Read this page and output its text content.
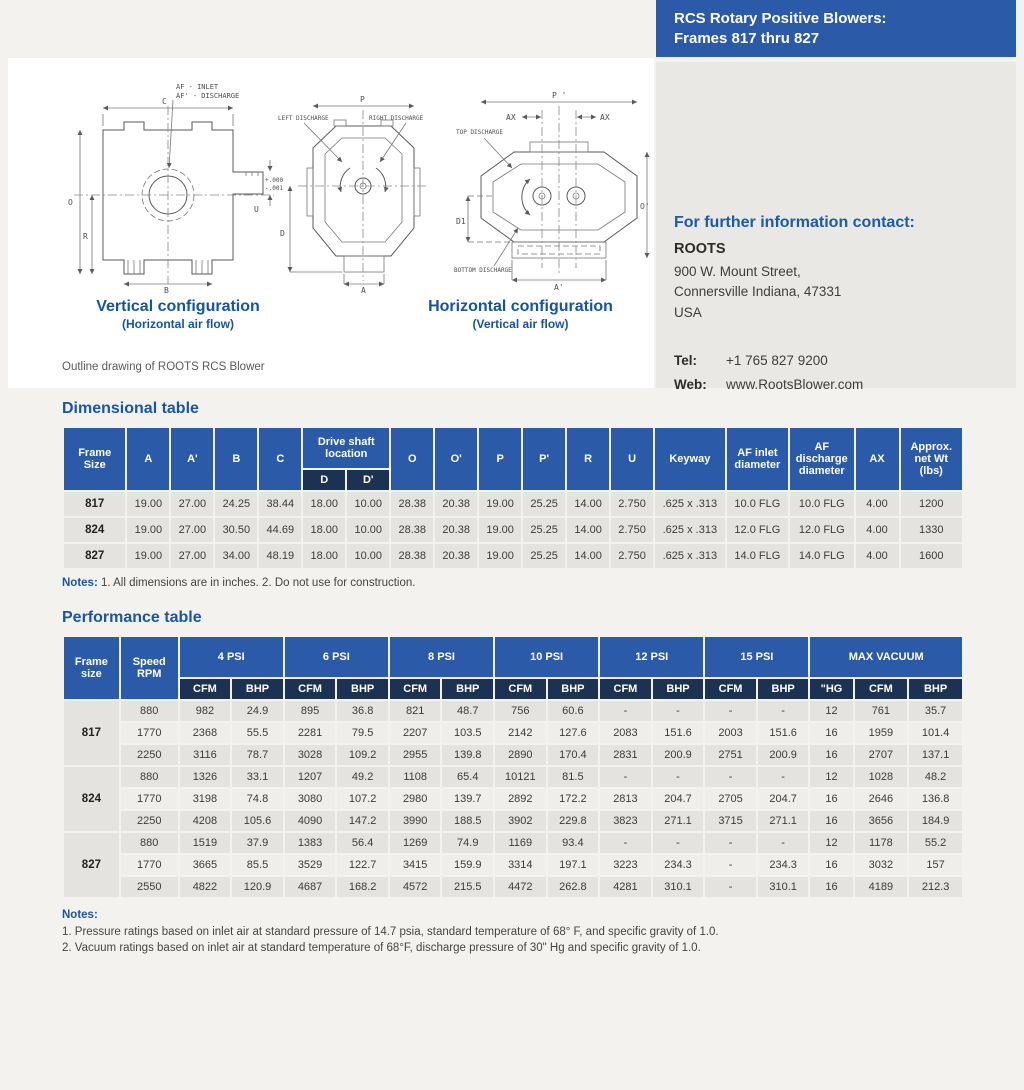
AF - INLET
AF' - DISCHARGE
C
O
R
B
+.000
-.001
U
P
LEFT DISCHARGE	RIGHT DISCHARGE
D
A
P '
AX	AX
TOP DISCHARGE
O'
D1
BOTTOM DISCHARGE
A'
Vertical configuration
(Horizontal air flow)
Horizontal configuration
(Vertical air flow)
Outline drawing of ROOTS RCS Blower
RCS Rotary Positive Blowers:
Frames 817 thru 827
For further information contact:
ROOTS
900 W. Mount Street,
Connersville Indiana, 47331
USA
Tel:	+1 765 827 9200
Web:	www.RootsBlower.com
Dimensional table
Frame Size	A	A'	B	C	Drive shaft location		O	O'	P	P'	R	U	Keyway	AF inlet diameter	AF discharge diameter	AX	Approx. net Wt (lbs)
					D	D'											
817	19.00	27.00	24.25	38.44	18.00	10.00	28.38	20.38	19.00	25.25	14.00	2.750	.625 x .313	10.0 FLG	10.0 FLG	4.00	1200
824	19.00	27.00	30.50	44.69	18.00	10.00	28.38	20.38	19.00	25.25	14.00	2.750	.625 x .313	12.0 FLG	12.0 FLG	4.00	1330
827	19.00	27.00	34.00	48.19	18.00	10.00	28.38	20.38	19.00	25.25	14.00	2.750	.625 x .313	14.0 FLG	14.0 FLG	4.00	1600

Notes: 1. All dimensions are in inches. 2. Do not use for construction.

Performance table
Frame size	Speed RPM	4 PSI		6 PSI		8 PSI		10 PSI		12 PSI		15 PSI		MAX VACUUM		
		CFM	BHP	CFM	BHP	CFM	BHP	CFM	BHP	CFM	BHP	CFM	BHP	"HG	CFM	BHP
817	880	982	24.9	895	36.8	821	48.7	756	60.6	-	-	-	-	12	761	35.7
	1770	2368	55.5	2281	79.5	2207	103.5	2142	127.6	2083	151.6	2003	151.6	16	1959	101.4
	2250	3116	78.7	3028	109.2	2955	139.8	2890	170.4	2831	200.9	2751	200.9	16	2707	137.1
824	880	1326	33.1	1207	49.2	1108	65.4	10121	81.5	-	-	-	-	12	1028	48.2
	1770	3198	74.8	3080	107.2	2980	139.7	2892	172.2	2813	204.7	2705	204.7	16	2646	136.8
	2250	4208	105.6	4090	147.2	3990	188.5	3902	229.8	3823	271.1	3715	271.1	16	3656	184.9
827	880	1519	37.9	1383	56.4	1269	74.9	1169	93.4	-	-	-	-	12	1178	55.2
	1770	3665	85.5	3529	122.7	3415	159.9	3314	197.1	3223	234.3	-	234.3	16	3032	157
	2550	4822	120.9	4687	168.2	4572	215.5	4472	262.8	4281	310.1	-	310.1	16	4189	212.3
Notes:
1. Pressure ratings based on inlet air at standard pressure of 14.7 psia, standard temperature of 68° F, and specific gravity of 1.0.
2. Vacuum ratings based on inlet air at standard temperature of 68°F, discharge pressure of 30" Hg and specific gravity of 1.0.
